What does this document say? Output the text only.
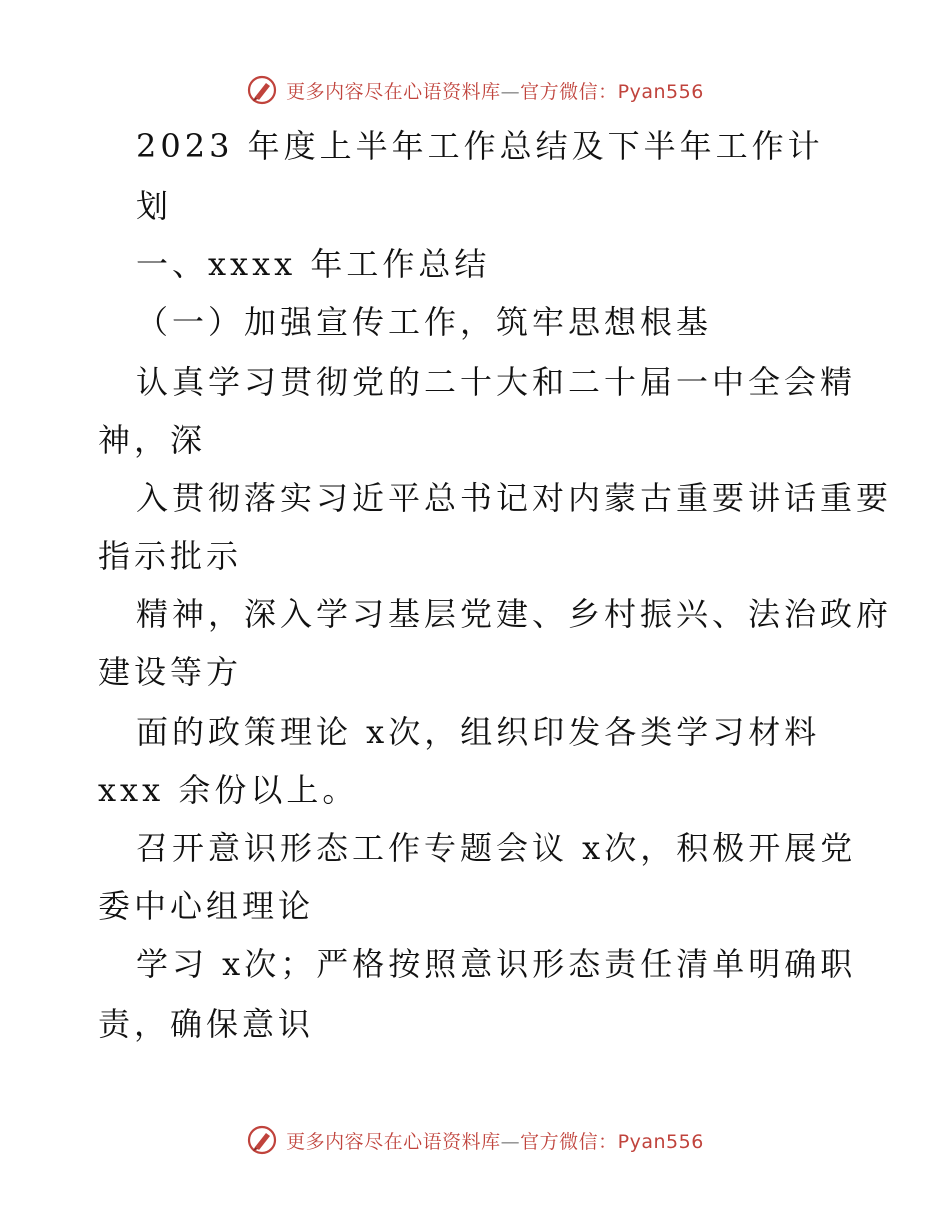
更多内容尽在心语资料库—官方微信：Pyan556
2023 年度上半年工作总结及下半年工作计
划
一、xxxx 年工作总结
（一）加强宣传工作，筑牢思想根基
认真学习贯彻党的二十大和二十届一中全会精
神，深
入贯彻落实习近平总书记对内蒙古重要讲话重要
指示批示
精神，深入学习基层党建、乡村振兴、法治政府
建设等方
面的政策理论 x次，组织印发各类学习材料
xxx 余份以上。
召开意识形态工作专题会议 x次，积极开展党
委中心组理论
学习 x次；严格按照意识形态责任清单明确职
责，确保意识
更多内容尽在心语资料库—官方微信：Pyan556
